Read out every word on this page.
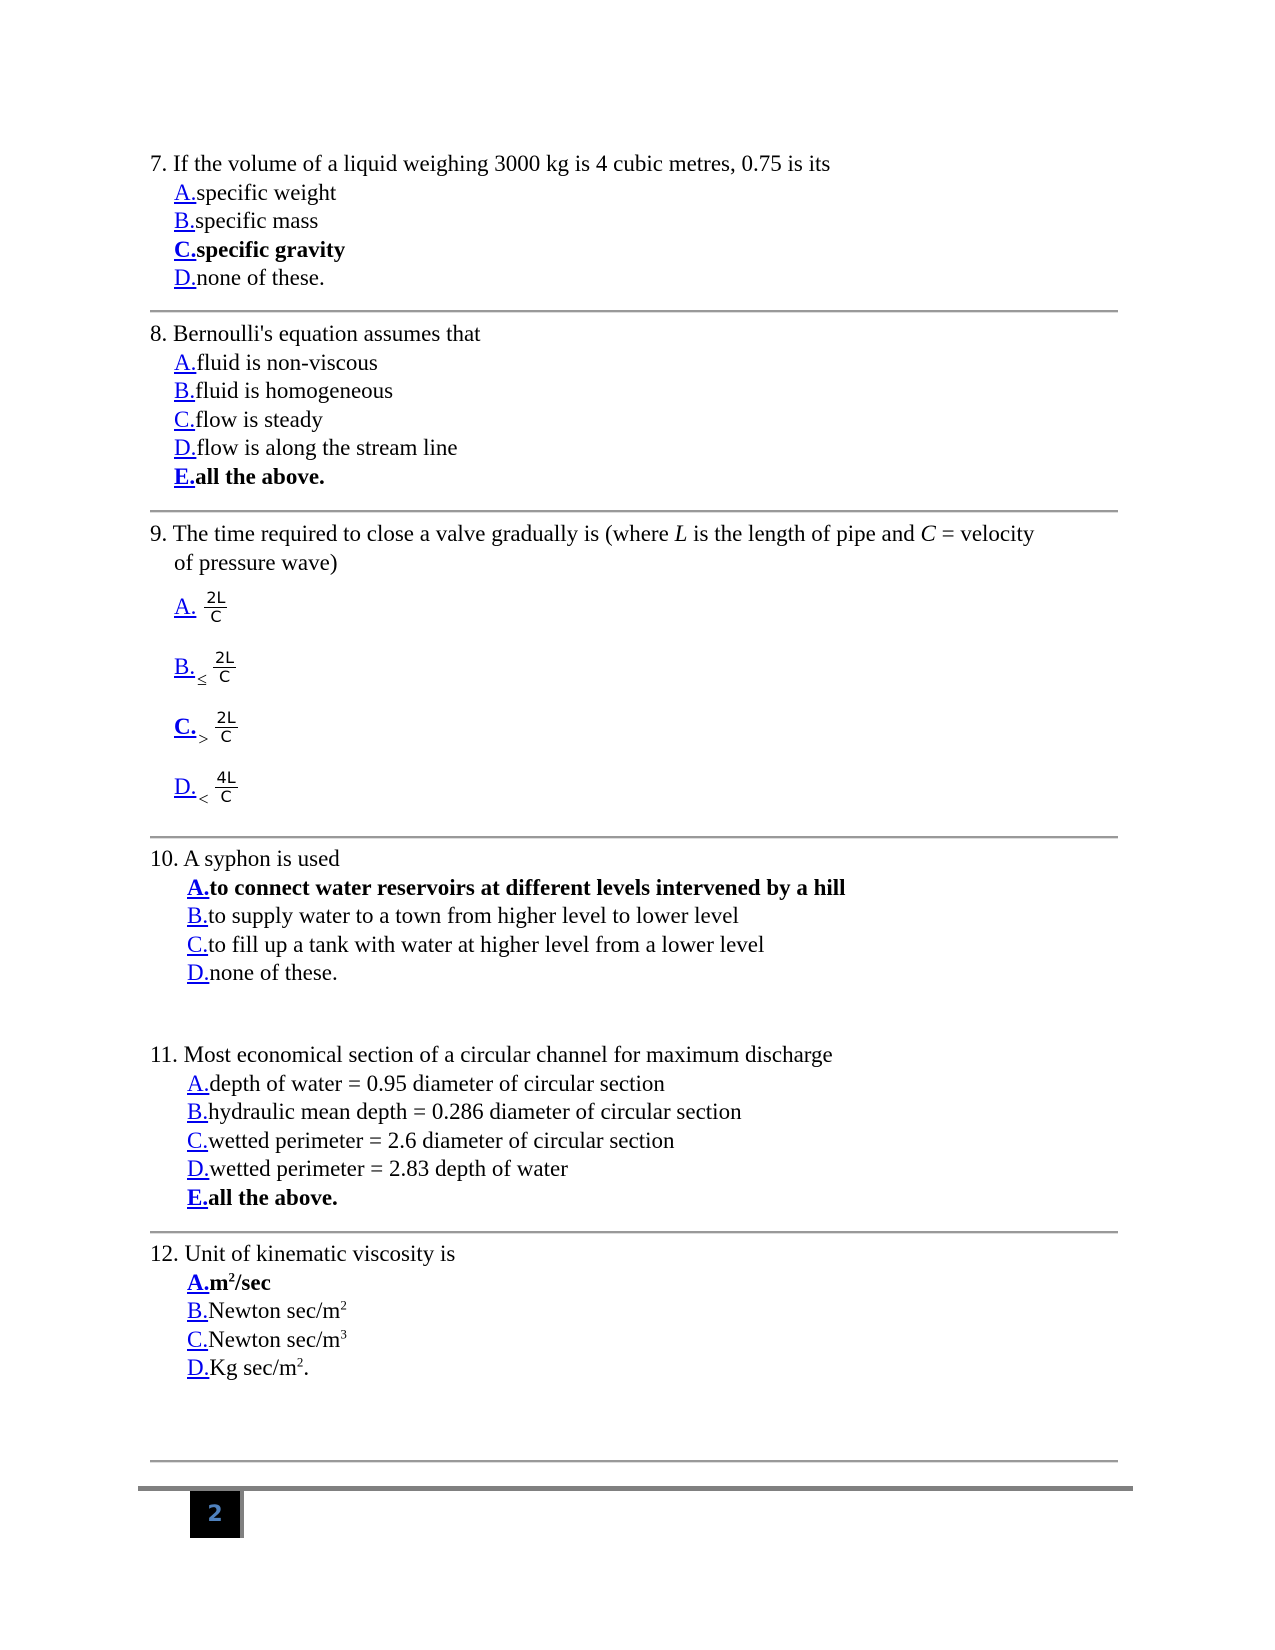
7. If the volume of a liquid weighing 3000 kg is 4 cubic metres, 0.75 is its
A.specific weight
B.specific mass
C.specific gravity
D.none of these.
8. Bernoulli's equation assumes that
A.fluid is non-viscous
B.fluid is homogeneous
C.flow is steady
D.flow is along the stream line
E.all the above.
9. The time required to close a valve gradually is (where L is the length of pipe and C = velocity
of pressure wave)
A. $\frac{2L}{C}$
B. ≤ $\frac{2L}{C}$
C. > $\frac{2L}{C}$
D. < $\frac{4L}{C}$
10. A syphon is used
A.to connect water reservoirs at different levels intervened by a hill
B.to supply water to a town from higher level to lower level
C.to fill up a tank with water at higher level from a lower level
D.none of these.
11. Most economical section of a circular channel for maximum discharge
A.depth of water = 0.95 diameter of circular section
B.hydraulic mean depth = 0.286 diameter of circular section
C.wetted perimeter = 2.6 diameter of circular section
D.wetted perimeter = 2.83 depth of water
E.all the above.
12. Unit of kinematic viscosity is
$A.m^2/\sec$
B.Newton $\sec/m^2$
C.Newton $\sec/m^3$
D.Kg $\sec/m^2$.
2
